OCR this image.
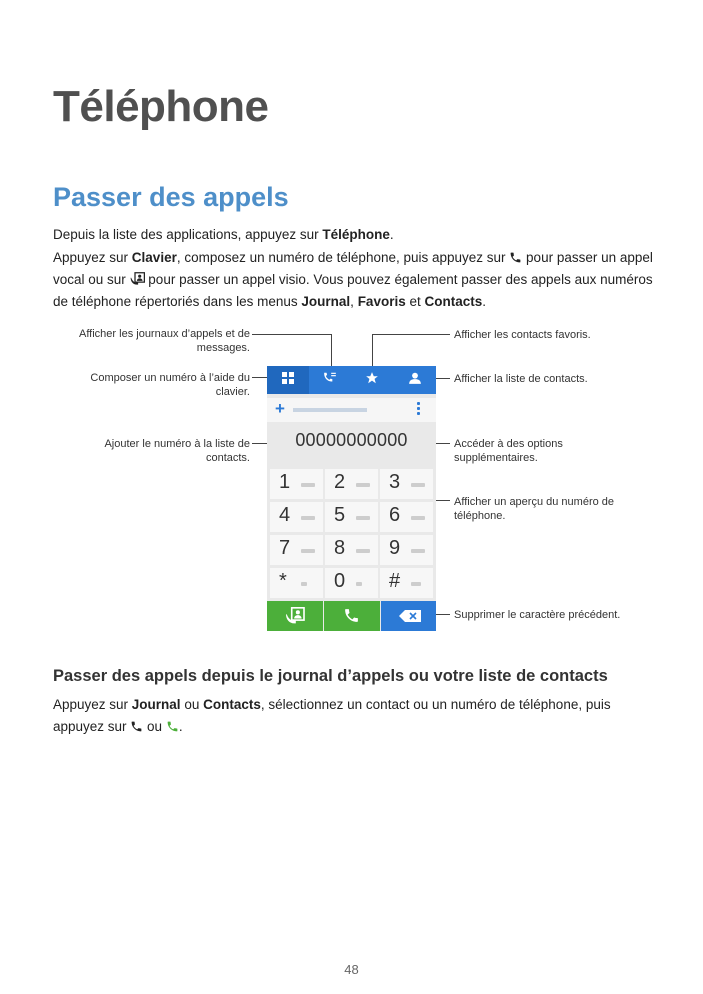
Téléphone
Passer des appels
Depuis la liste des applications, appuyez sur Téléphone.
Appuyez sur Clavier, composez un numéro de téléphone, puis appuyez sur  pour passer un appel
vocal ou sur  pour passer un appel visio. Vous pouvez également passer des appels aux numéros
de téléphone répertoriés dans les menus Journal, Favoris et Contacts.
Afficher les journaux d’appels et de messages.
Composer un numéro à l’aide du clavier.
Ajouter le numéro à la liste de contacts.
Afficher les contacts favoris.
Afficher la liste de contacts.
Accéder à des options supplémentaires.
Afficher un aperçu du numéro de téléphone.
Supprimer le caractère précédent.
+
00000000000
1 2 3
4 5 6
7 8 9
* 0 #
Passer des appels depuis le journal d’appels ou votre liste de contacts
Appuyez sur Journal ou Contacts, sélectionnez un contact ou un numéro de téléphone, puis
appuyez sur  ou .
48
